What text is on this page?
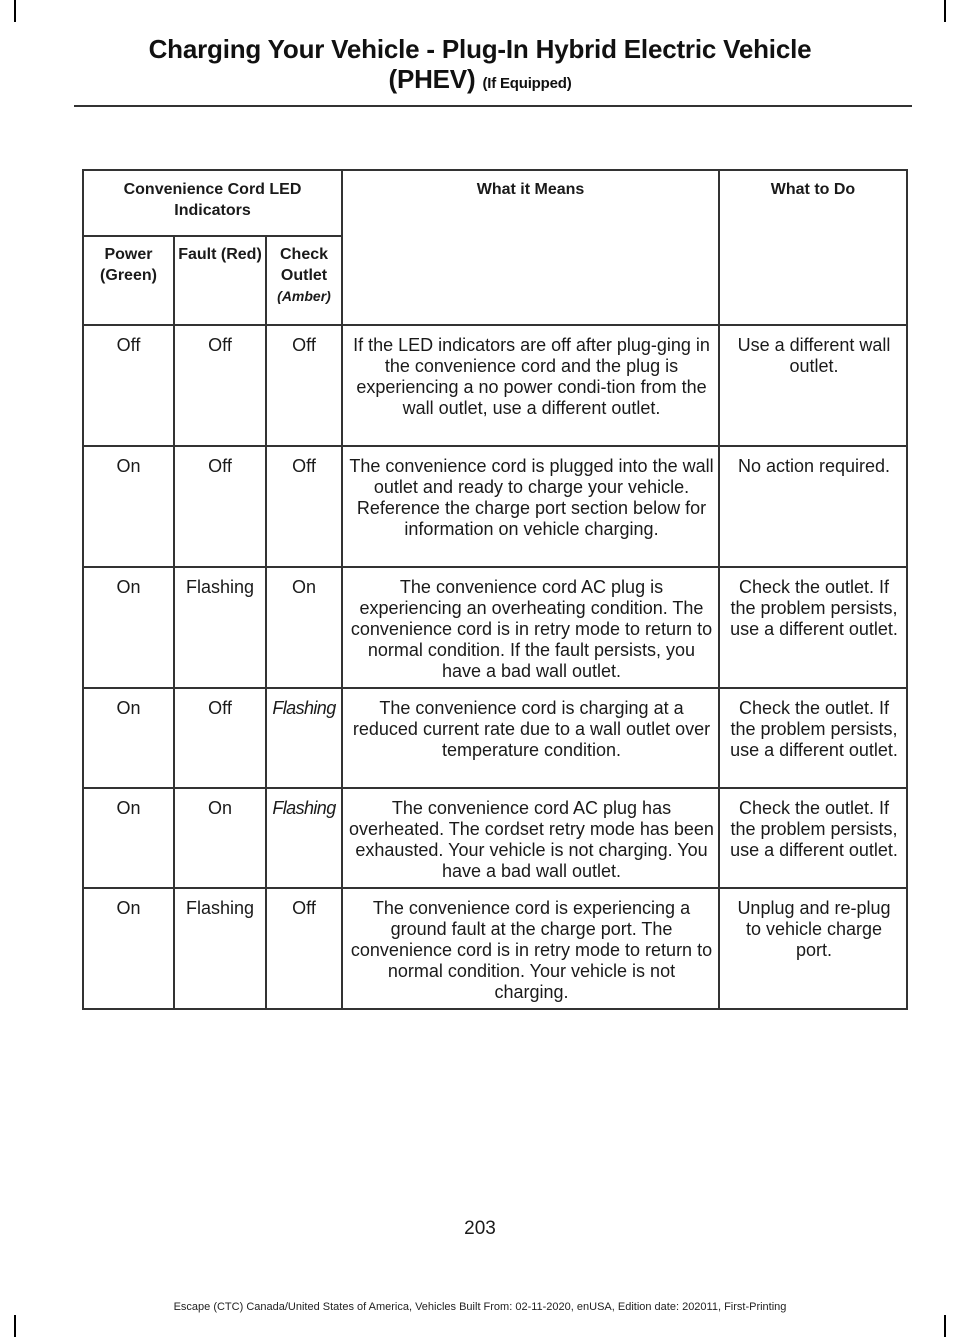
Charging Your Vehicle - Plug-In Hybrid Electric Vehicle
(PHEV) (If Equipped)
Convenience Cord LED Indicators			What it Means	What to Do
Power (Green)	Fault (Red)	Check Outlet
(Amber)		

Off	Off	Off	If the LED indicators are off after plug-ging in the convenience cord and the plug is experiencing a no power condi-tion from the wall outlet, use a different outlet.	Use a different wall outlet.
On	Off	Off	The convenience cord is plugged into the wall outlet and ready to charge your vehicle. Reference the charge port section below for information on vehicle charging.	No action required.
On	Flashing	On	The convenience cord AC plug is experiencing an overheating condition. The convenience cord is in retry mode to return to normal condition. If the fault persists, you have a bad wall outlet.	Check the outlet. If the problem persists, use a different outlet.
On	Off	Flashing	The convenience cord is charging at a reduced current rate due to a wall outlet over temperature condition.	Check the outlet. If the problem persists, use a different outlet.
On	On	Flashing	The convenience cord AC plug has overheated. The cordset retry mode has been exhausted. Your vehicle is not charging. You have a bad wall outlet.	Check the outlet. If the problem persists, use a different outlet.
On	Flashing	Off	The convenience cord is experiencing a ground fault at the charge port. The convenience cord is in retry mode to return to normal condition. Your vehicle is not charging.	Unplug and re-plug to vehicle charge port.
203
Escape (CTC) Canada/United States of America, Vehicles Built From: 02-11-2020, enUSA, Edition date: 202011, First-Printing
